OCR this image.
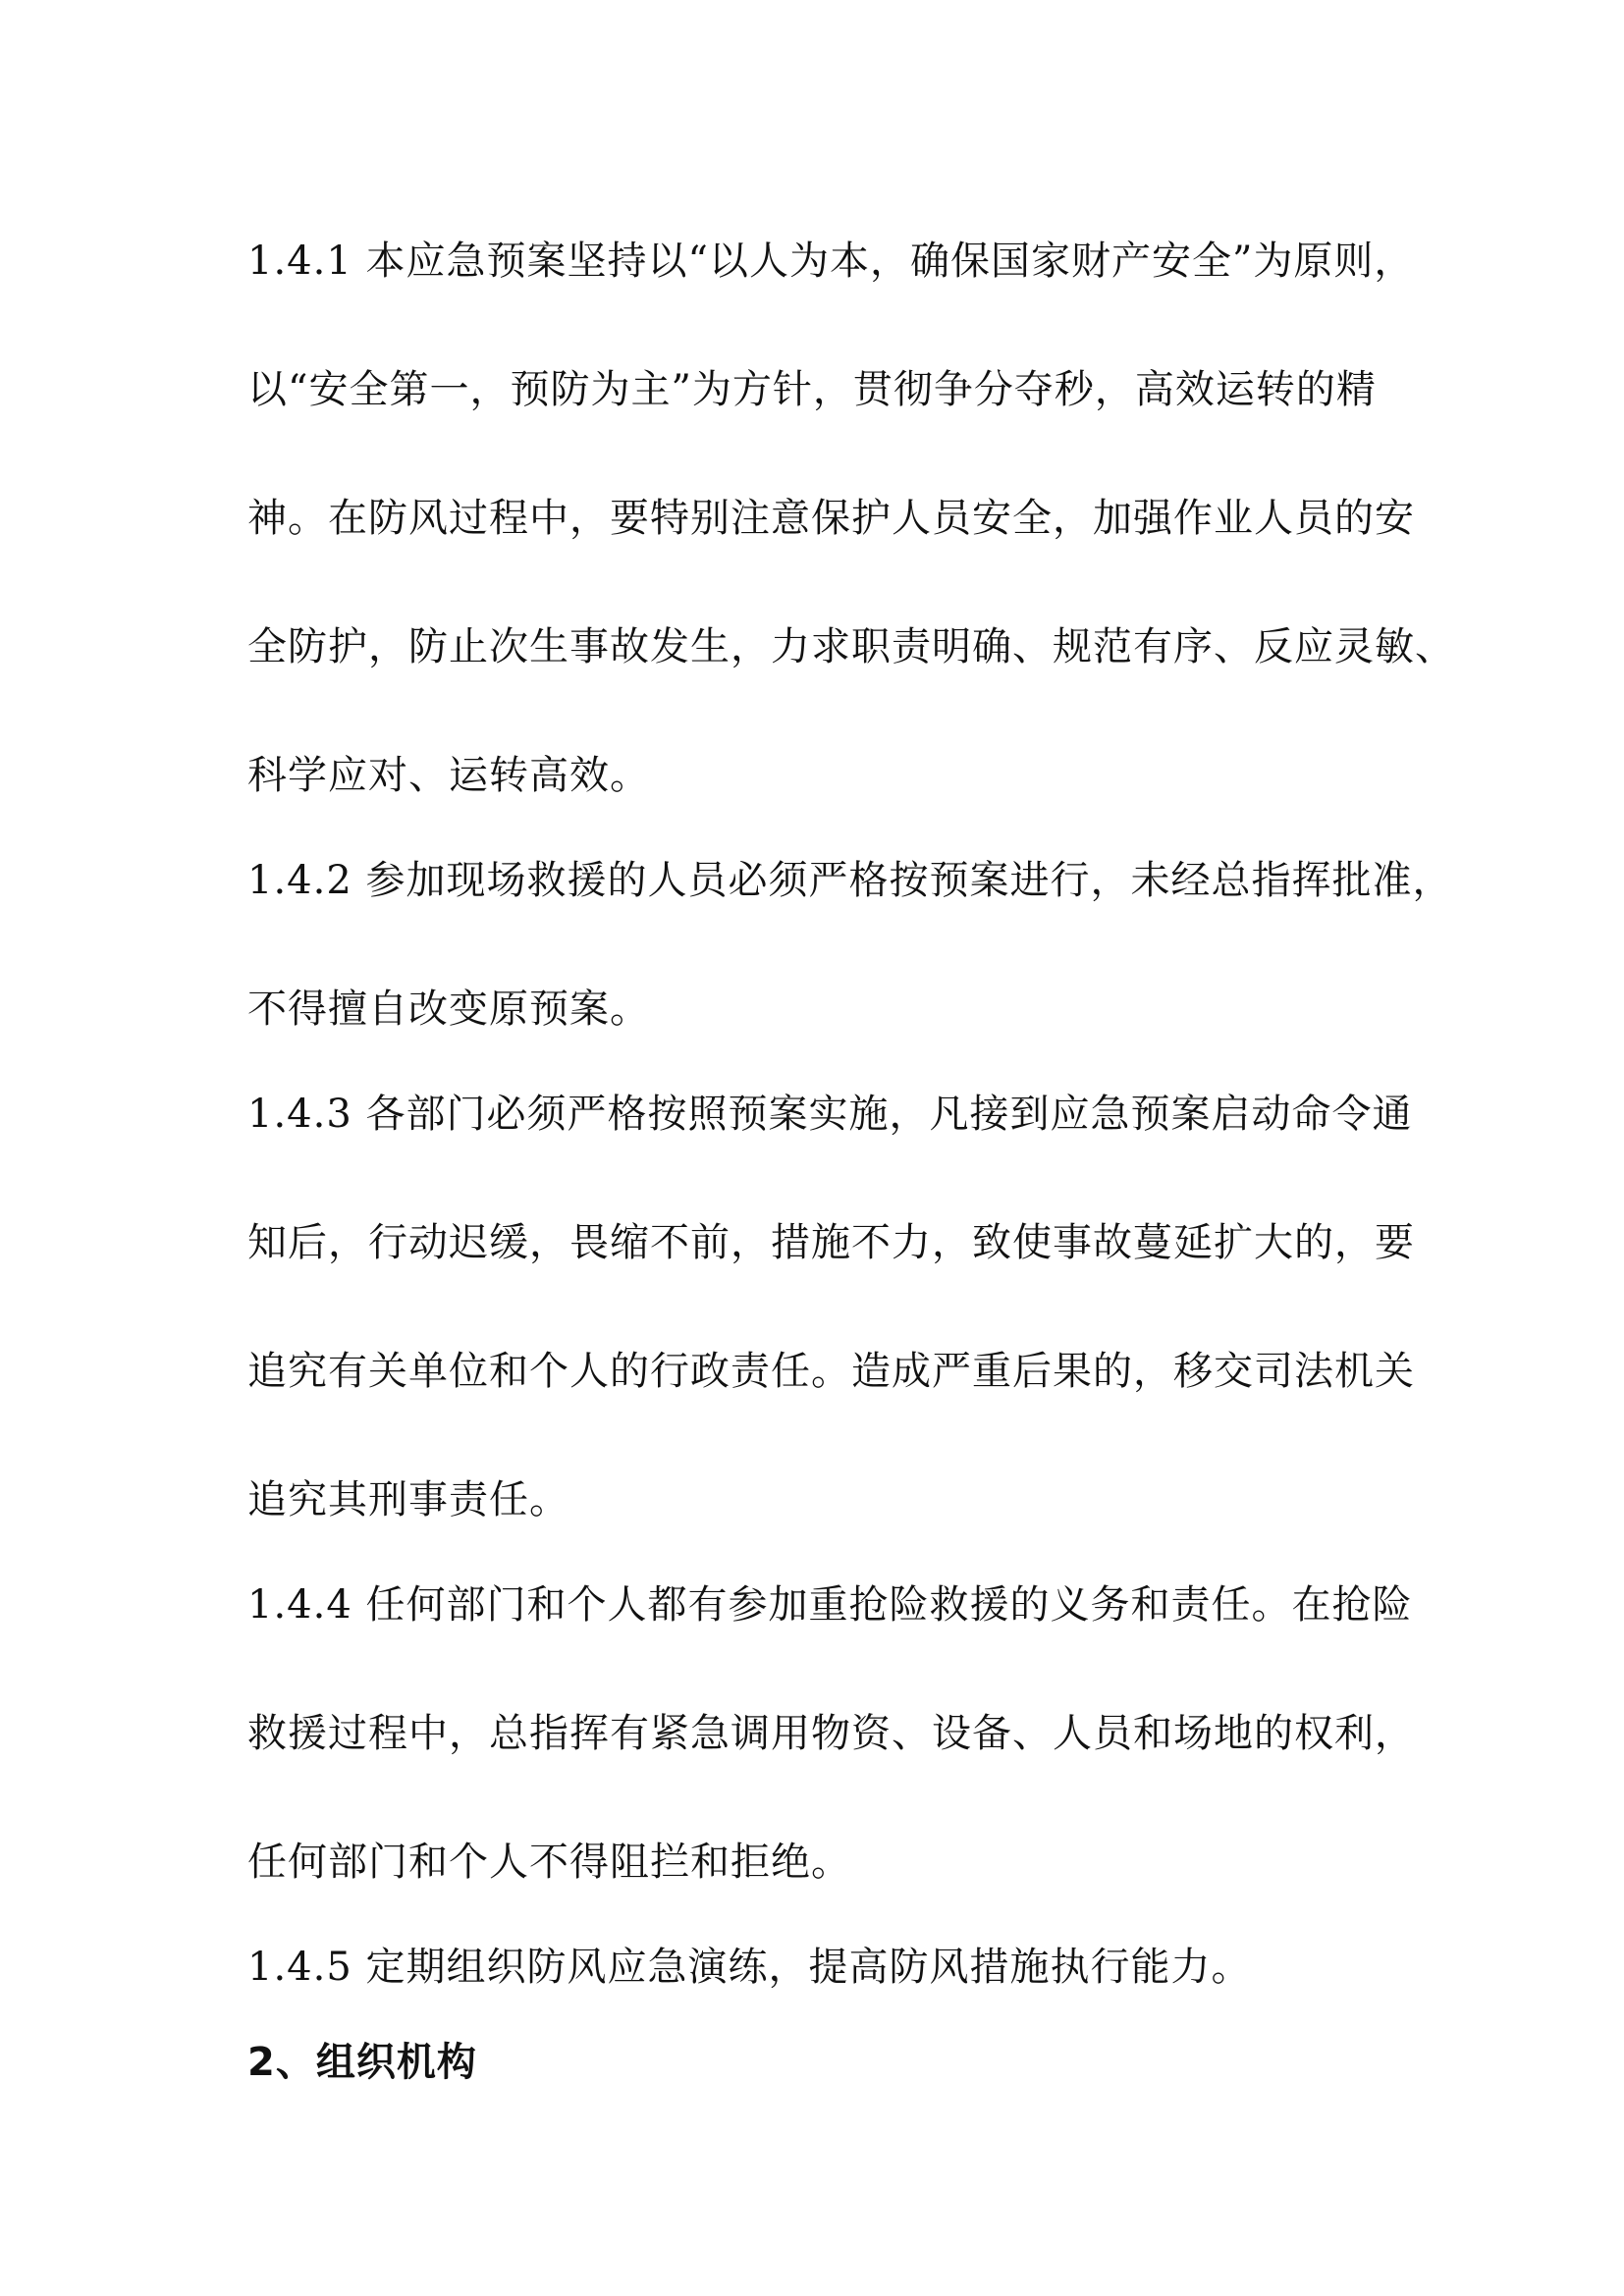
1.4.1 本应急预案坚持以“以人为本，确保国家财产安全”为原则，
以“安全第一，预防为主”为方针，贯彻争分夺秒，高效运转的精
神。在防风过程中，要特别注意保护人员安全，加强作业人员的安
全防护，防止次生事故发生，力求职责明确、规范有序、反应灵敏、
科学应对、运转高效。
1.4.2 参加现场救援的人员必须严格按预案进行，未经总指挥批准，
不得擅自改变原预案。
1.4.3 各部门必须严格按照预案实施，凡接到应急预案启动命令通
知后，行动迟缓，畏缩不前，措施不力，致使事故蔓延扩大的，要
追究有关单位和个人的行政责任。造成严重后果的，移交司法机关
追究其刑事责任。
1.4.4 任何部门和个人都有参加重抢险救援的义务和责任。在抢险
救援过程中，总指挥有紧急调用物资、设备、人员和场地的权利，
任何部门和个人不得阻拦和拒绝。
1.4.5 定期组织防风应急演练，提高防风措施执行能力。
2、组织机构
